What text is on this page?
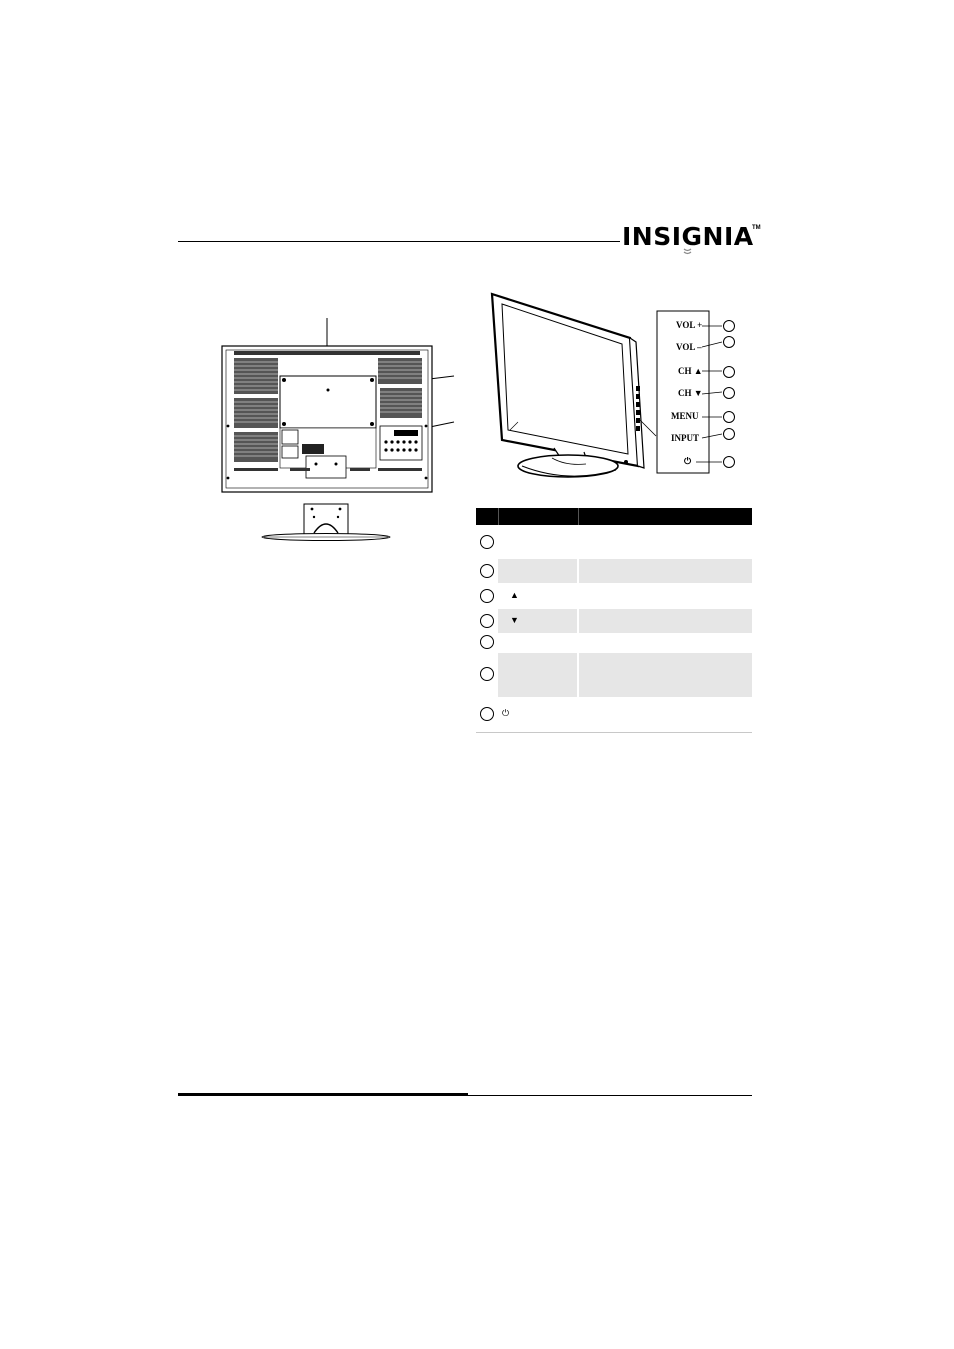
INSIGNIA
TM
VOL +
VOL –
CH ▲
CH ▼
MENU
INPUT
⏻
▲
▼
⏻
